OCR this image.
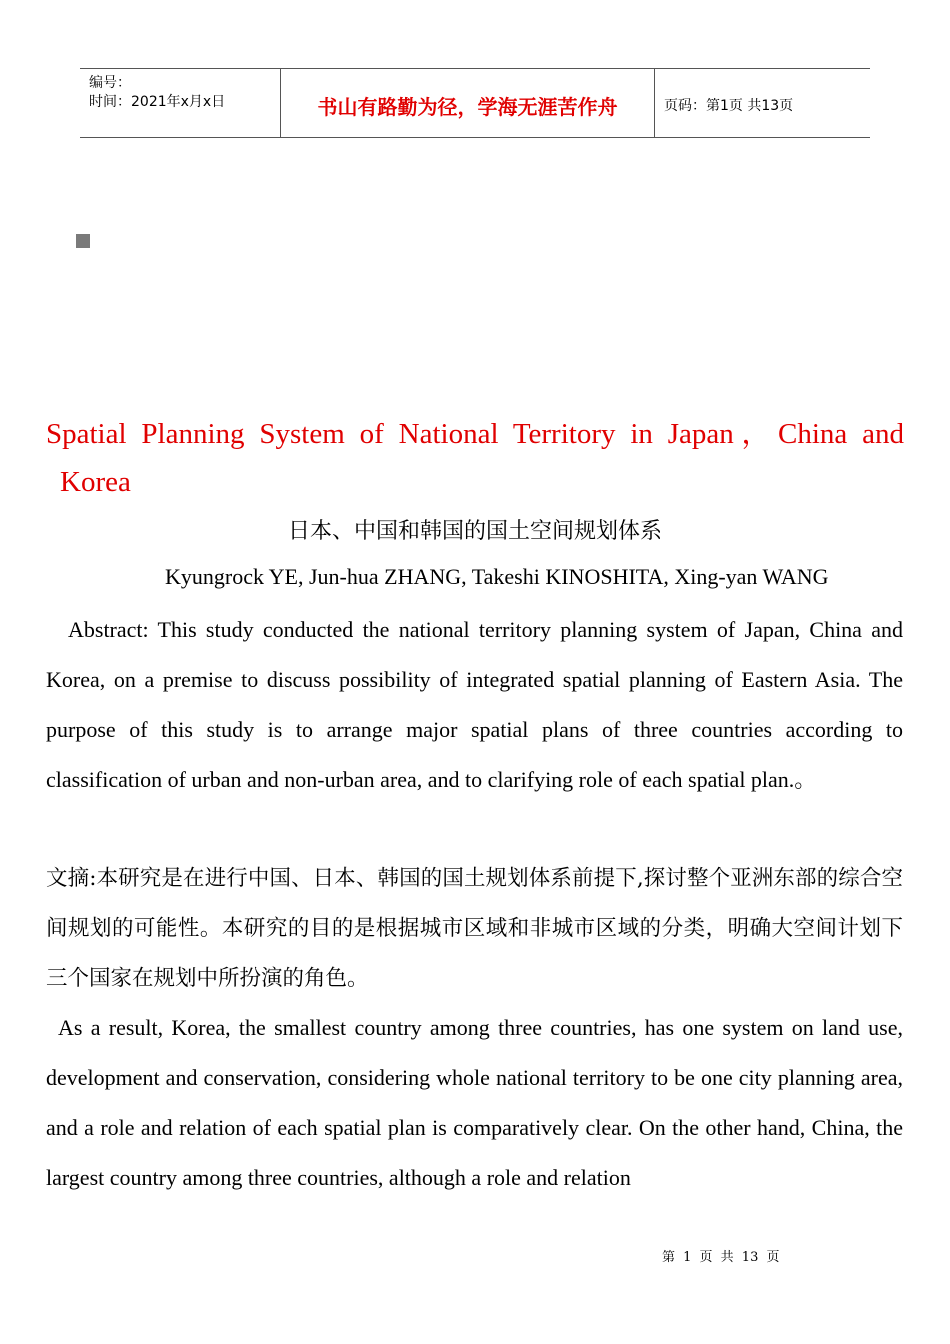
编号：
时间：2021年x月x日	书山有路勤为径，学海无涯苦作舟	页码：第1页 共13页
Spatial Planning System of National Territory in Japan，China and
Korea
日本、中国和韩国的国土空间规划体系
Kyungrock YE, Jun-hua ZHANG, Takeshi KINOSHITA, Xing-yan WANG
Abstract: This study conducted the national territory planning system of Japan, China and Korea, on a premise to discuss possibility of integrated spatial planning of Eastern Asia. The purpose of this study is to arrange major spatial plans of three countries according to classification of urban and non-urban area, and to clarifying role of each spatial plan.。
文摘:本研究是在进行中国、日本、韩国的国土规划体系前提下,探讨整个亚洲东部的综合空间规划的可能性。本研究的目的是根据城市区域和非城市区域的分类，明确大空间计划下三个国家在规划中所扮演的角色。
As a result, Korea, the smallest country among three countries, has one system on land use, development and conservation, considering whole national territory to be one city planning area, and a role and relation of each spatial plan is comparatively clear. On the other hand, China, the largest country among three countries, although a role and relation
第 1 页 共 13 页
